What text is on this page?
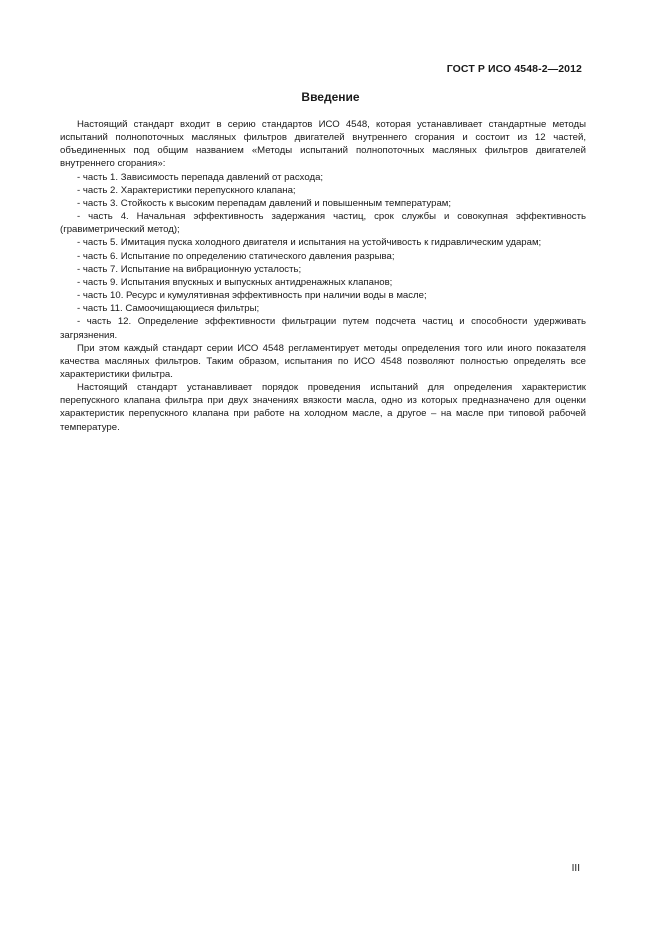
ГОСТ Р ИСО 4548-2—2012
Введение

Настоящий стандарт входит в серию стандартов ИСО 4548, которая устанавливает стандартные методы испытаний полнопоточных масляных фильтров двигателей внутреннего сгорания и состоит из 12 частей, объединенных под общим названием «Методы испытаний полнопоточных масляных фильтров двигателей внутреннего сгорания»:

- часть 1. Зависимость перепада давлений от расхода;
- часть 2. Характеристики перепускного клапана;
- часть 3. Стойкость к высоким перепадам давлений и повышенным температурам;
- часть 4. Начальная эффективность задержания частиц, срок службы и совокупная эффективность (гравиметрический метод);
- часть 5. Имитация пуска холодного двигателя и испытания на устойчивость к гидравлическим ударам;
- часть 6. Испытание по определению статического давления разрыва;
- часть 7. Испытание на вибрационную усталость;
- часть 9. Испытания впускных и выпускных антидренажных клапанов;
- часть 10. Ресурс и кумулятивная эффективность при наличии воды в масле;
- часть 11. Самоочищающиеся фильтры;
- часть 12. Определение эффективности фильтрации путем подсчета частиц и способности удерживать загрязнения.

При этом каждый стандарт серии ИСО 4548 регламентирует методы определения того или иного показателя качества масляных фильтров. Таким образом, испытания по ИСО 4548 позволяют полностью определять все характеристики фильтра.

Настоящий стандарт устанавливает порядок проведения испытаний для определения характеристик перепускного клапана фильтра при двух значениях вязкости масла, одно из которых предназначено для оценки характеристик перепускного клапана при работе на холодном масле, а другое – на масле при типовой рабочей температуре.

III
